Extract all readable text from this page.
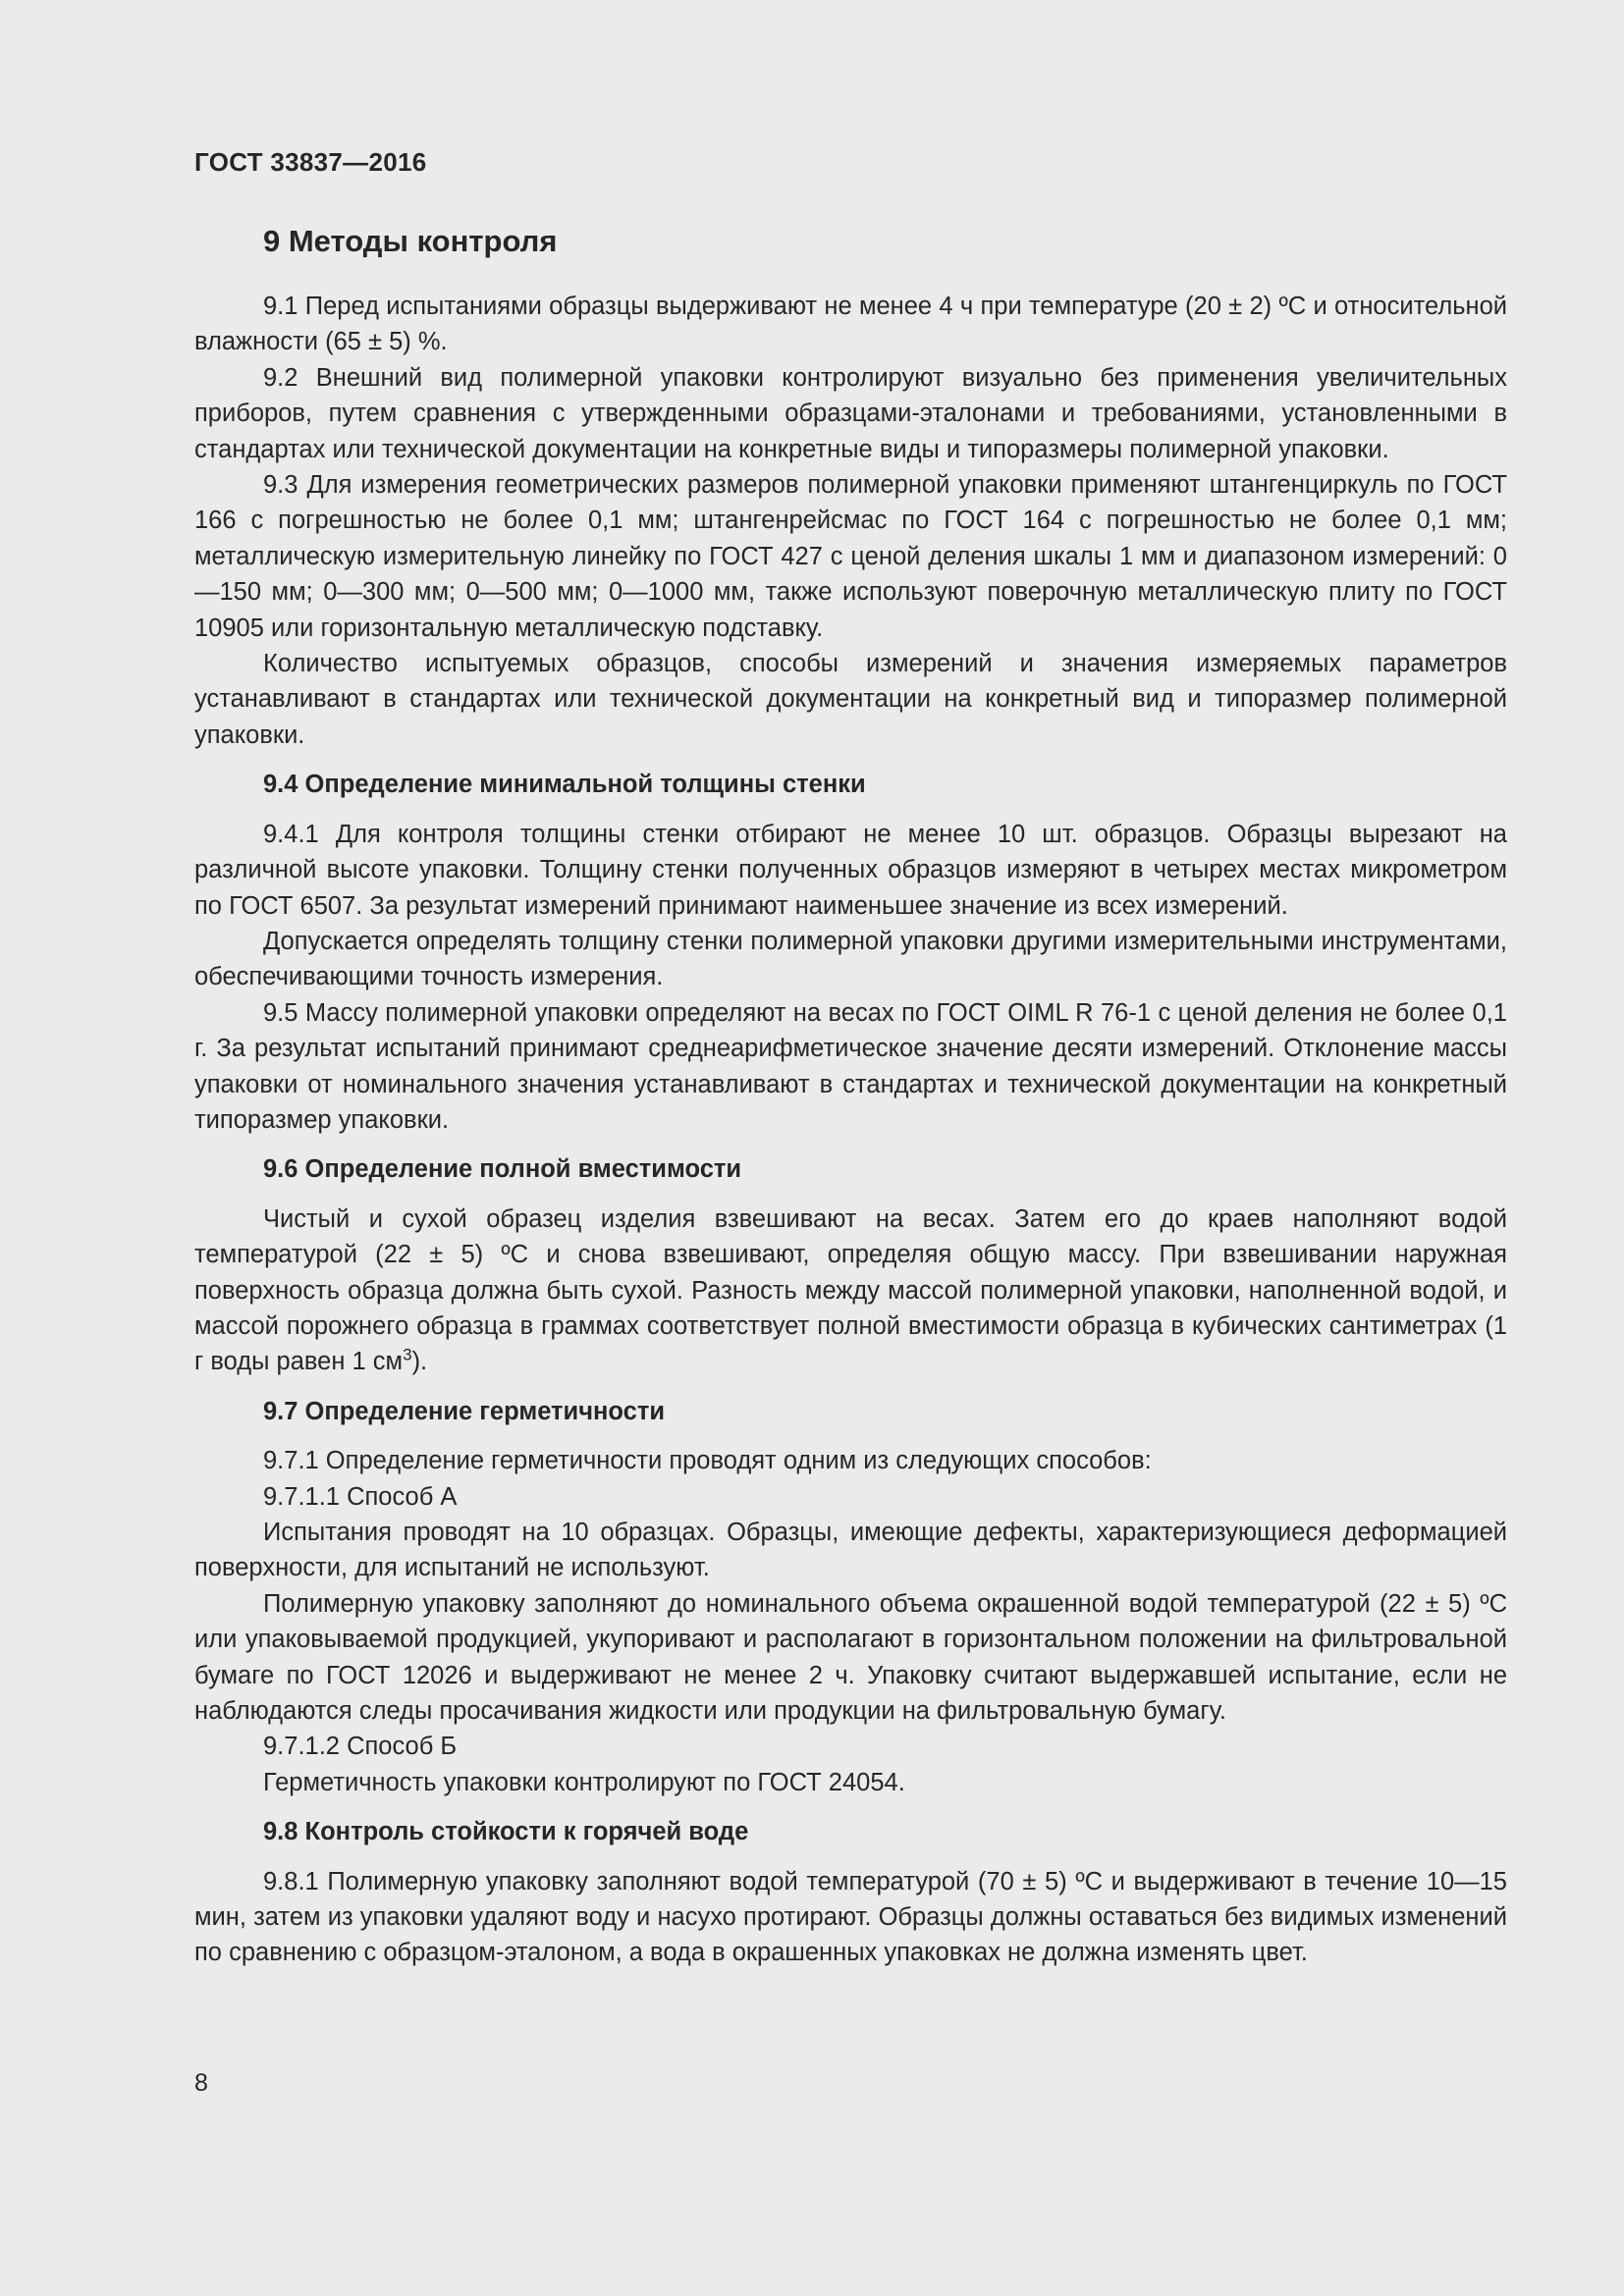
ГОСТ 33837—2016
9 Методы контроля

9.1 Перед испытаниями образцы выдерживают не менее 4 ч при температуре (20 ± 2) ºС и относительной влажности (65 ± 5) %.

9.2 Внешний вид полимерной упаковки контролируют визуально без применения увеличительных приборов, путем сравнения с утвержденными образцами-эталонами и требованиями, установленными в стандартах или технической документации на конкретные виды и типоразмеры полимерной упаковки.

9.3 Для измерения геометрических размеров полимерной упаковки применяют штангенциркуль по ГОСТ 166 с погрешностью не более 0,1 мм; штангенрейсмас по ГОСТ 164 с погрешностью не более 0,1 мм; металлическую измерительную линейку по ГОСТ 427 с ценой деления шкалы 1 мм и диапазоном измерений: 0—150 мм; 0—300 мм; 0—500 мм; 0—1000 мм, также используют поверочную металлическую плиту по ГОСТ 10905 или горизонтальную металлическую подставку.

Количество испытуемых образцов, способы измерений и значения измеряемых параметров устанавливают в стандартах или технической документации на конкретный вид и типоразмер полимерной упаковки.

9.4 Определение минимальной толщины стенки

9.4.1 Для контроля толщины стенки отбирают не менее 10 шт. образцов. Образцы вырезают на различной высоте упаковки. Толщину стенки полученных образцов измеряют в четырех местах микрометром по ГОСТ 6507. За результат измерений принимают наименьшее значение из всех измерений.

Допускается определять толщину стенки полимерной упаковки другими измерительными инструментами, обеспечивающими точность измерения.

9.5 Массу полимерной упаковки определяют на весах по ГОСТ OIML R 76-1 с ценой деления не более 0,1 г. За результат испытаний принимают среднеарифметическое значение десяти измерений. Отклонение массы упаковки от номинального значения устанавливают в стандартах и технической документации на конкретный типоразмер упаковки.

9.6 Определение полной вместимости

Чистый и сухой образец изделия взвешивают на весах. Затем его до краев наполняют водой температурой (22 ± 5) ºС и снова взвешивают, определяя общую массу. При взвешивании наружная поверхность образца должна быть сухой. Разность между массой полимерной упаковки, наполненной водой, и массой порожнего образца в граммах соответствует полной вместимости образца в кубических сантиметрах (1 г воды равен 1 $см^3$).

9.7 Определение герметичности

9.7.1 Определение герметичности проводят одним из следующих способов:

9.7.1.1 Способ А

Испытания проводят на 10 образцах. Образцы, имеющие дефекты, характеризующиеся деформацией поверхности, для испытаний не используют.

Полимерную упаковку заполняют до номинального объема окрашенной водой температурой (22 ± 5) ºС или упаковываемой продукцией, укупоривают и располагают в горизонтальном положении на фильтровальной бумаге по ГОСТ 12026 и выдерживают не менее 2 ч. Упаковку считают выдержавшей испытание, если не наблюдаются следы просачивания жидкости или продукции на фильтровальную бумагу.

9.7.1.2 Способ Б

Герметичность упаковки контролируют по ГОСТ 24054.

9.8 Контроль стойкости к горячей воде

9.8.1 Полимерную упаковку заполняют водой температурой (70 ± 5) ºС и выдерживают в течение 10—15 мин, затем из упаковки удаляют воду и насухо протирают. Образцы должны оставаться без видимых изменений по сравнению с образцом-эталоном, а вода в окрашенных упаковках не должна изменять цвет.

8
